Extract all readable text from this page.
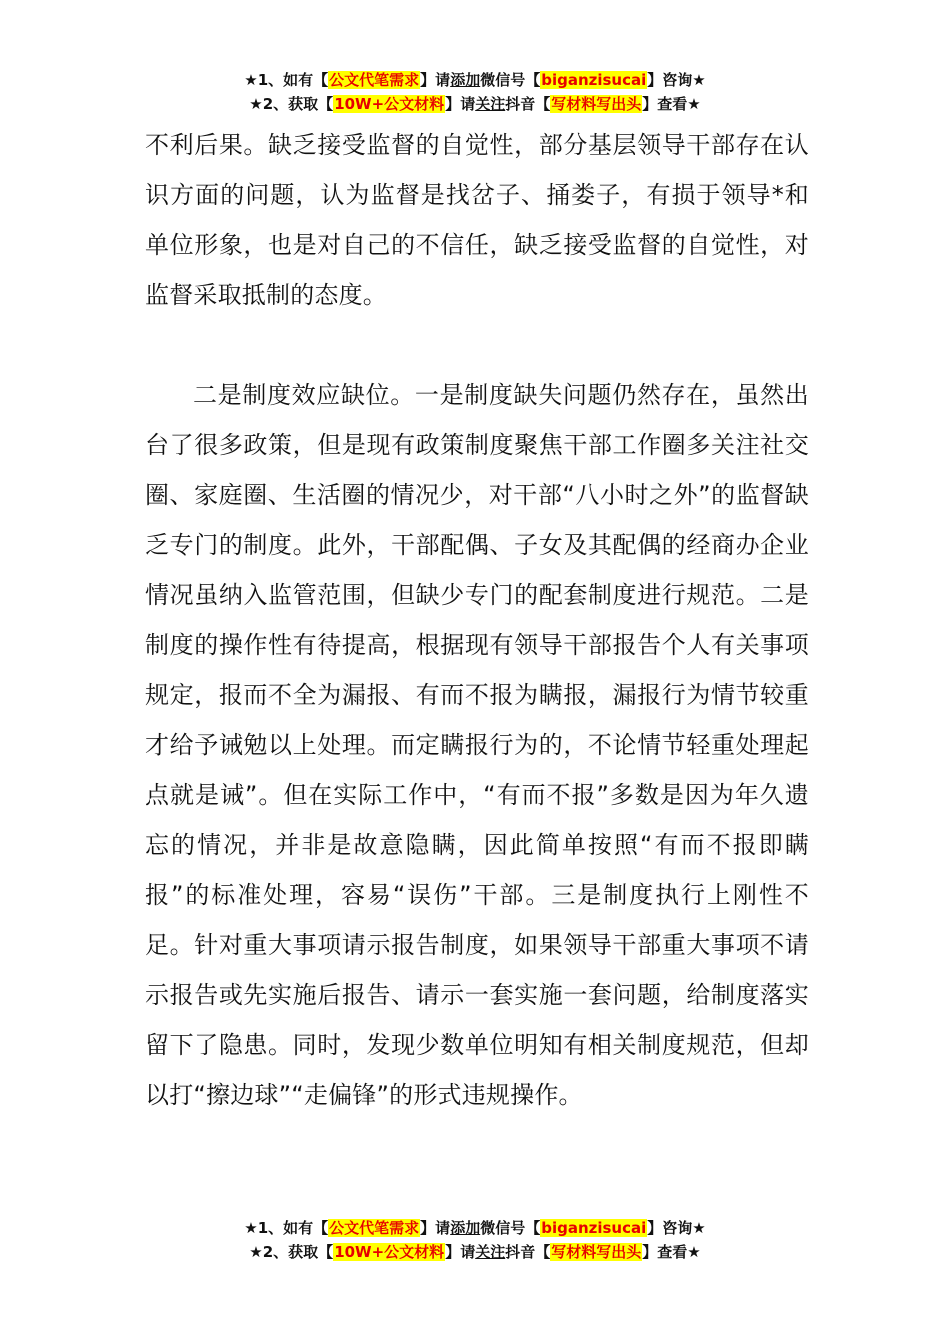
★1、如有【公文代笔需求】请添加微信号【biganzisucai】咨询★
★2、获取【10W+公文材料】请关注抖音【写材料写出头】查看★

不利后果。缺乏接受监督的自觉性，部分基层领导干部存在认识方面的问题，认为监督是找岔子、捅娄子，有损于领导*和单位形象，也是对自己的不信任，缺乏接受监督的自觉性，对监督采取抵制的态度。

二是制度效应缺位。一是制度缺失问题仍然存在，虽然出台了很多政策，但是现有政策制度聚焦干部工作圈多关注社交圈、家庭圈、生活圈的情况少，对干部“八小时之外”的监督缺乏专门的制度。此外，干部配偶、子女及其配偶的经商办企业情况虽纳入监管范围，但缺少专门的配套制度进行规范。二是制度的操作性有待提高，根据现有领导干部报告个人有关事项规定，报而不全为漏报、有而不报为瞒报，漏报行为情节较重才给予诫勉以上处理。而定瞒报行为的，不论情节轻重处理起点就是诫”。但在实际工作中，“有而不报”多数是因为年久遗忘的情况，并非是故意隐瞒，因此简单按照“有而不报即瞒报”的标准处理，容易“误伤”干部。三是制度执行上刚性不足。针对重大事项请示报告制度，如果领导干部重大事项不请示报告或先实施后报告、请示一套实施一套问题，给制度落实留下了隐患。同时，发现少数单位明知有相关制度规范，但却以打“擦边球”“走偏锋”的形式违规操作。

★1、如有【公文代笔需求】请添加微信号【biganzisucai】咨询★
★2、获取【10W+公文材料】请关注抖音【写材料写出头】查看★
